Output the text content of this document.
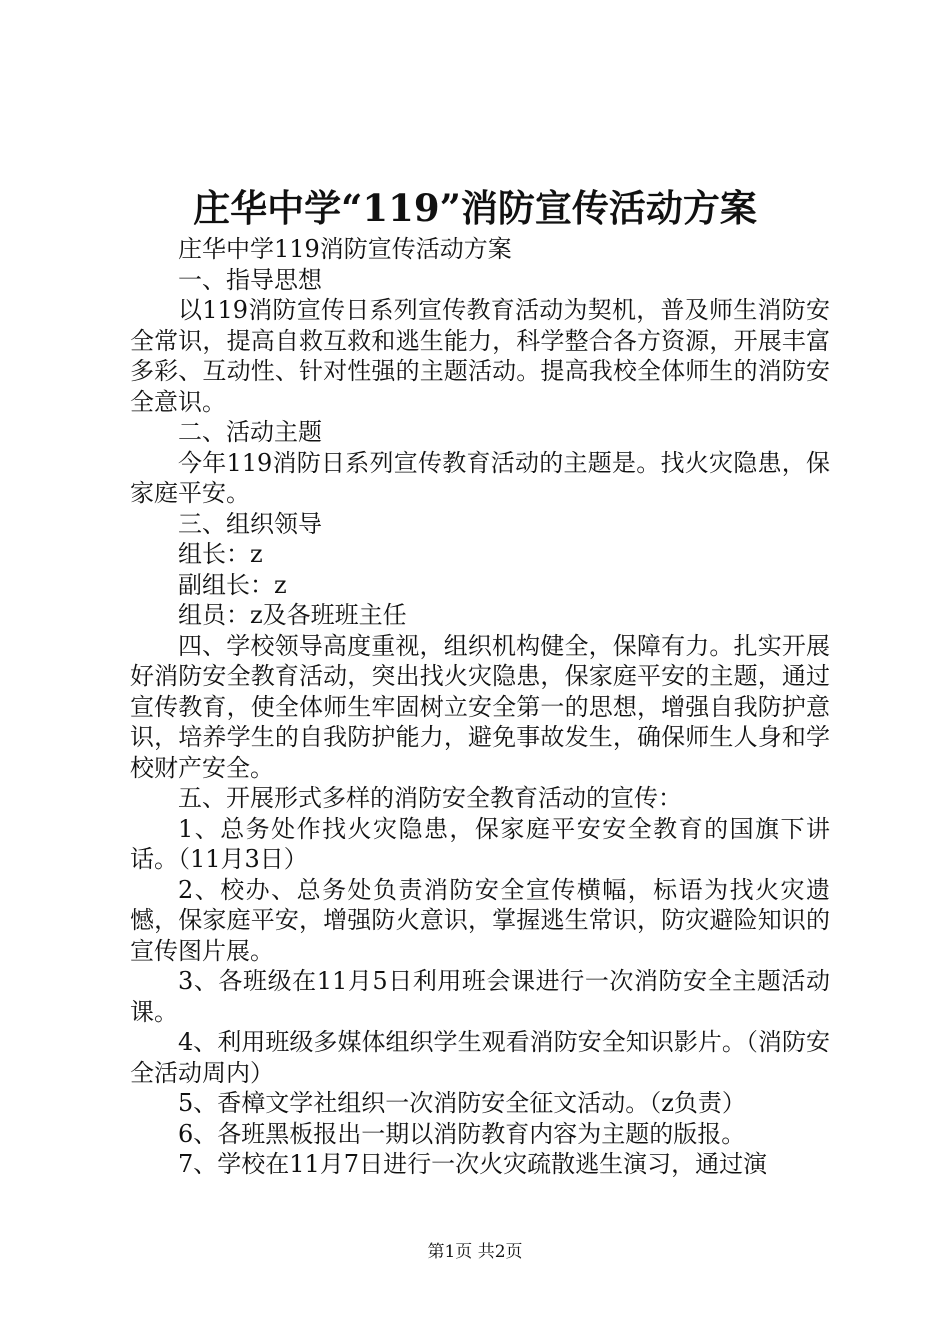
庄华中学“119”消防宣传活动方案

庄华中学119消防宣传活动方案

一、指导思想

以119消防宣传日系列宣传教育活动为契机，普及师生消防安全常识，提高自救互救和逃生能力，科学整合各方资源，开展丰富多彩、互动性、针对性强的主题活动。提高我校全体师生的消防安全意识。

二、活动主题

今年119消防日系列宣传教育活动的主题是。找火灾隐患，保家庭平安。

三、组织领导

组长：z

副组长：z

组员：z及各班班主任

四、学校领导高度重视，组织机构健全，保障有力。扎实开展好消防安全教育活动，突出找火灾隐患，保家庭平安的主题，通过宣传教育，使全体师生牢固树立安全第一的思想，增强自我防护意识，培养学生的自我防护能力，避免事故发生，确保师生人身和学校财产安全。

五、开展形式多样的消防安全教育活动的宣传：

1、总务处作找火灾隐患，保家庭平安安全教育的国旗下讲话。（11月3日）

2、校办、总务处负责消防安全宣传横幅，标语为找火灾遗憾，保家庭平安，增强防火意识，掌握逃生常识，防灾避险知识的宣传图片展。

3、各班级在11月5日利用班会课进行一次消防安全主题活动课。

4、利用班级多媒体组织学生观看消防安全知识影片。（消防安全活动周内）

5、香樟文学社组织一次消防安全征文活动。（z负责）

6、各班黑板报出一期以消防教育内容为主题的版报。

7、学校在11月7日进行一次火灾疏散逃生演习，通过演

第1页 共2页
